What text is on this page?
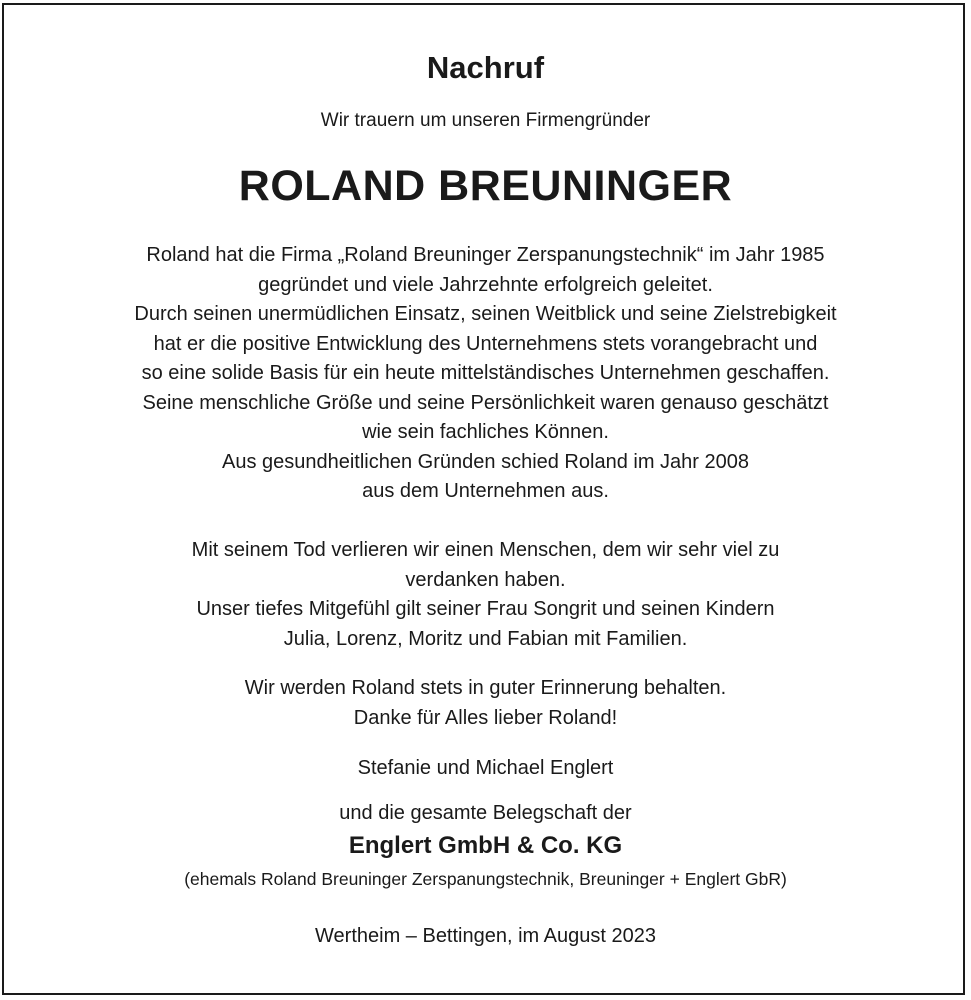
Nachruf
Wir trauern um unseren Firmengründer
ROLAND BREUNINGER
Roland hat die Firma „Roland Breuninger Zerspanungstechnik“ im Jahr 1985
gegründet und viele Jahrzehnte erfolgreich geleitet.
Durch seinen unermüdlichen Einsatz, seinen Weitblick und seine Zielstrebigkeit
hat er die positive Entwicklung des Unternehmens stets vorangebracht und
so eine solide Basis für ein heute mittelständisches Unternehmen geschaffen.
Seine menschliche Größe und seine Persönlichkeit waren genauso geschätzt
wie sein fachliches Können.
Aus gesundheitlichen Gründen schied Roland im Jahr 2008
aus dem Unternehmen aus.
Mit seinem Tod verlieren wir einen Menschen, dem wir sehr viel zu
verdanken haben.
Unser tiefes Mitgefühl gilt seiner Frau Songrit und seinen Kindern
Julia, Lorenz, Moritz und Fabian mit Familien.
Wir werden Roland stets in guter Erinnerung behalten.
Danke für Alles lieber Roland!
Stefanie und Michael Englert
und die gesamte Belegschaft der
Englert GmbH & Co. KG
(ehemals Roland Breuninger Zerspanungstechnik, Breuninger + Englert GbR)
Wertheim – Bettingen, im August 2023
